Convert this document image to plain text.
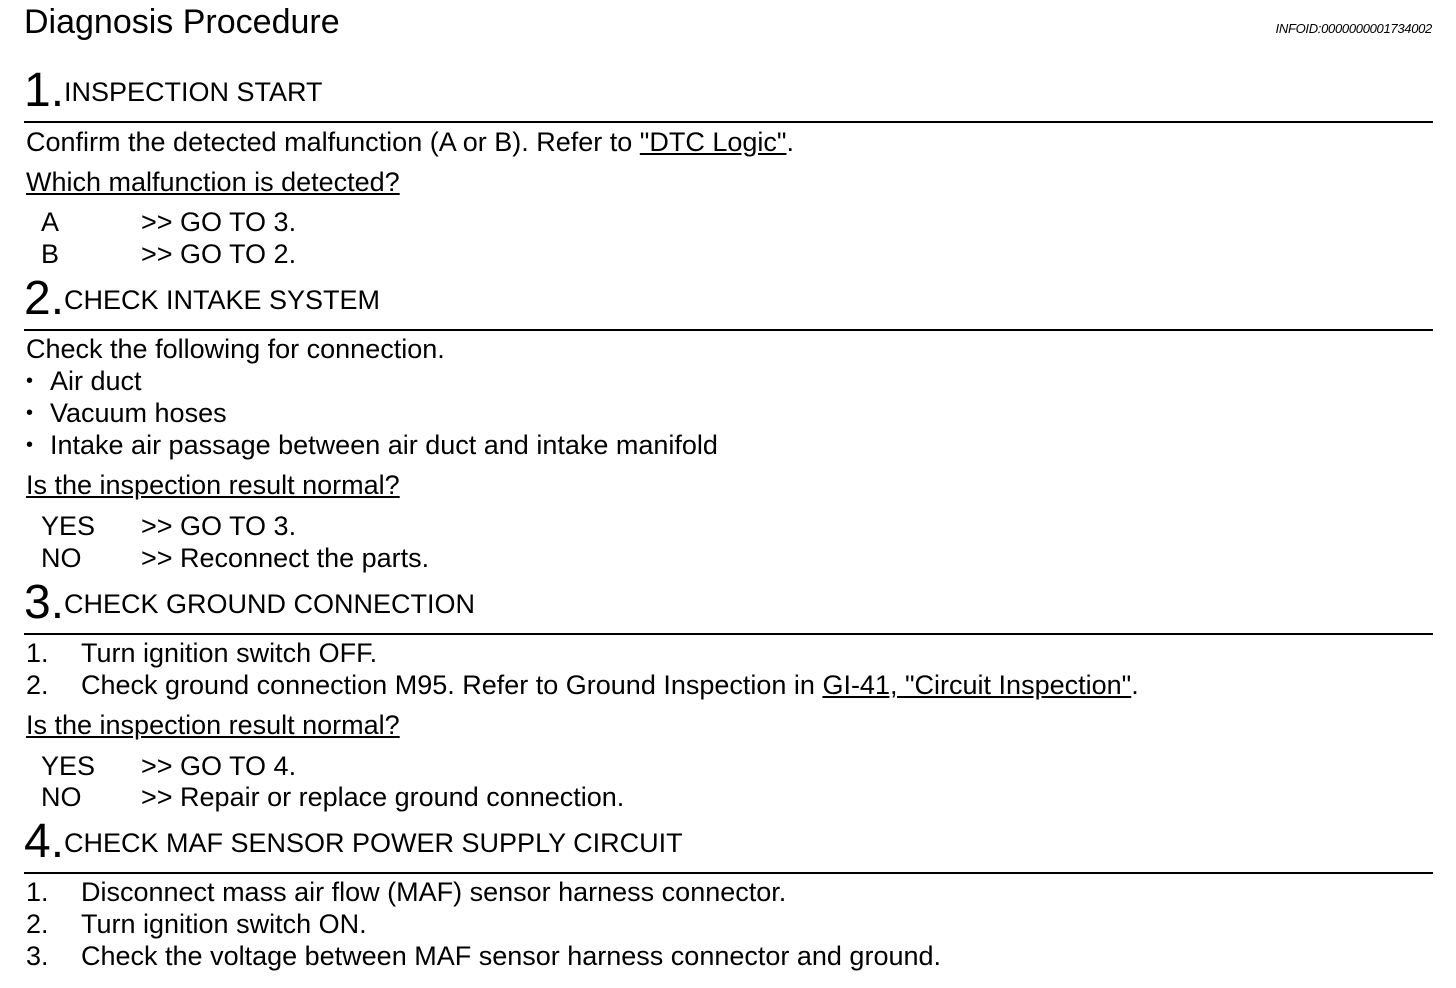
Diagnosis Procedure	INFOID:0000000001734002
1. INSPECTION START
Confirm the detected malfunction (A or B). Refer to "DTC Logic".
Which malfunction is detected?
A	>> GO TO 3.
B	>> GO TO 2.
2. CHECK INTAKE SYSTEM
Check the following for connection.
• Air duct
• Vacuum hoses
• Intake air passage between air duct and intake manifold
Is the inspection result normal?
YES >> GO TO 3.
NO >> Reconnect the parts.
3. CHECK GROUND CONNECTION
1. Turn ignition switch OFF.
2. Check ground connection M95. Refer to Ground Inspection in GI-41, "Circuit Inspection".
Is the inspection result normal?
YES >> GO TO 4.
NO >> Repair or replace ground connection.
4. CHECK MAF SENSOR POWER SUPPLY CIRCUIT
1. Disconnect mass air flow (MAF) sensor harness connector.
2. Turn ignition switch ON.
3. Check the voltage between MAF sensor harness connector and ground.
